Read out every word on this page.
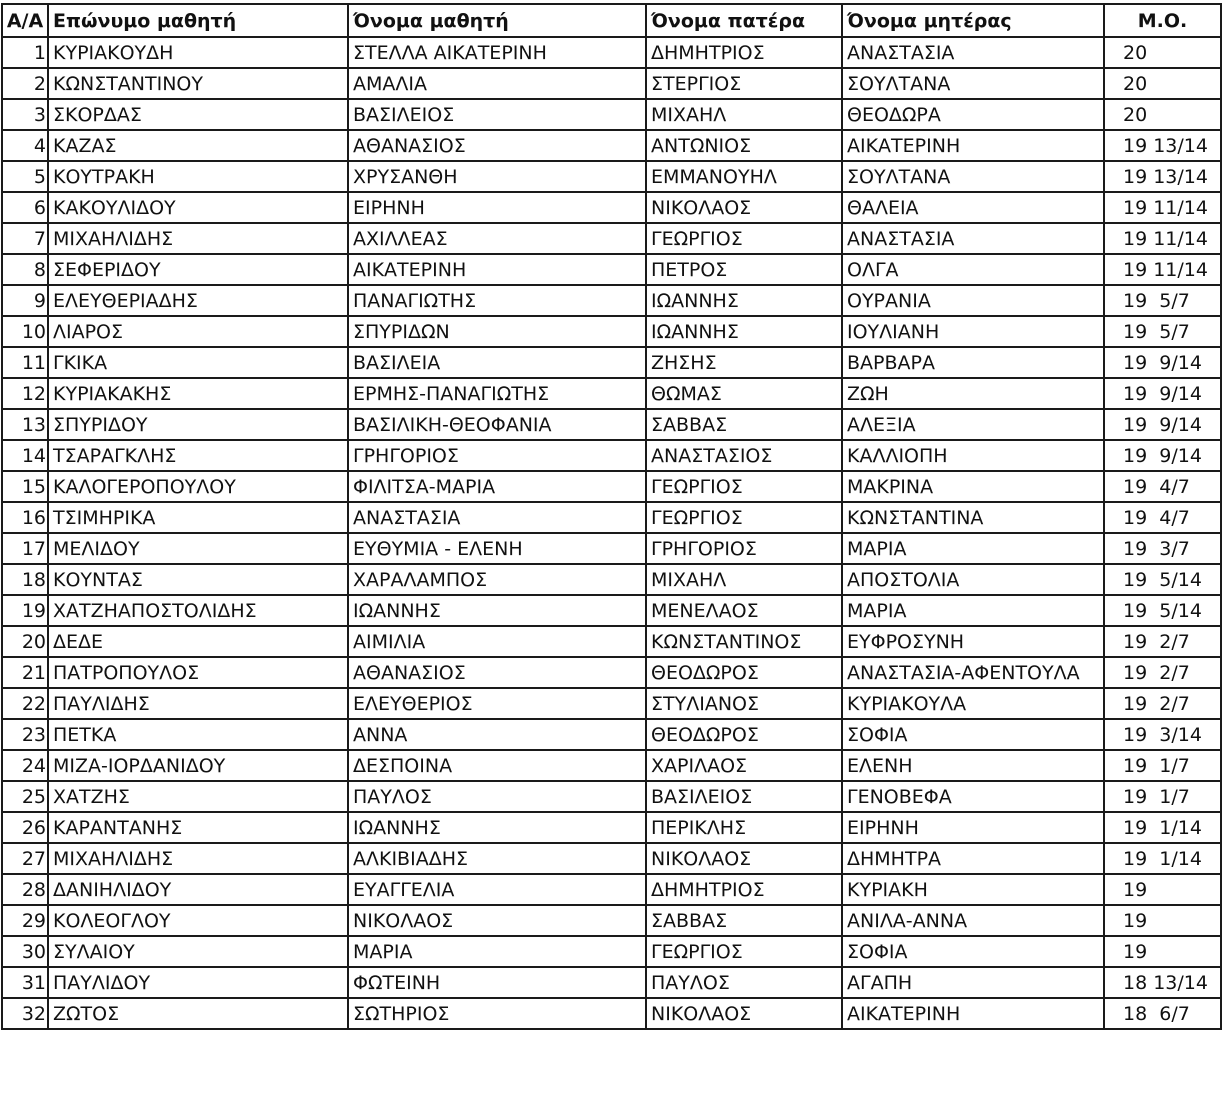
Α/Α	Επώνυμο μαθητή	Όνομα μαθητή	Όνομα πατέρα	Όνομα μητέρας	Μ.Ο.
1	ΚΥΡΙΑΚΟΥΔΗ	ΣΤΕΛΛΑ ΑΙΚΑΤΕΡΙΝΗ	ΔΗΜΗΤΡΙΟΣ	ΑΝΑΣΤΑΣΙΑ	20
2	ΚΩΝΣΤΑΝΤΙΝΟΥ	ΑΜΑΛΙΑ	ΣΤΕΡΓΙΟΣ	ΣΟΥΛΤΑΝΑ	20
3	ΣΚΟΡΔΑΣ	ΒΑΣΙΛΕΙΟΣ	ΜΙΧΑΗΛ	ΘΕΟΔΩΡΑ	20
4	ΚΑΖΑΣ	ΑΘΑΝΑΣΙΟΣ	ΑΝΤΩΝΙΟΣ	ΑΙΚΑΤΕΡΙΝΗ	19 13/14
5	ΚΟΥΤΡΑΚΗ	ΧΡΥΣΑΝΘΗ	ΕΜΜΑΝΟΥΗΛ	ΣΟΥΛΤΑΝΑ	19 13/14
6	ΚΑΚΟΥΛΙΔΟΥ	ΕΙΡΗΝΗ	ΝΙΚΟΛΑΟΣ	ΘΑΛΕΙΑ	19 11/14
7	ΜΙΧΑΗΛΙΔΗΣ	ΑΧΙΛΛΕΑΣ	ΓΕΩΡΓΙΟΣ	ΑΝΑΣΤΑΣΙΑ	19 11/14
8	ΣΕΦΕΡΙΔΟΥ	ΑΙΚΑΤΕΡΙΝΗ	ΠΕΤΡΟΣ	ΟΛΓΑ	19 11/14
9	ΕΛΕΥΘΕΡΙΑΔΗΣ	ΠΑΝΑΓΙΩΤΗΣ	ΙΩΑΝΝΗΣ	ΟΥΡΑΝΙΑ	19  5/7
10	ΛΙΑΡΟΣ	ΣΠΥΡΙΔΩΝ	ΙΩΑΝΝΗΣ	ΙΟΥΛΙΑΝΗ	19  5/7
11	ΓΚΙΚΑ	ΒΑΣΙΛΕΙΑ	ΖΗΣΗΣ	ΒΑΡΒΑΡΑ	19  9/14
12	ΚΥΡΙΑΚΑΚΗΣ	ΕΡΜΗΣ-ΠΑΝΑΓΙΩΤΗΣ	ΘΩΜΑΣ	ΖΩΗ	19  9/14
13	ΣΠΥΡΙΔΟΥ	ΒΑΣΙΛΙΚΗ-ΘΕΟΦΑΝΙΑ	ΣΑΒΒΑΣ	ΑΛΕΞΙΑ	19  9/14
14	ΤΣΑΡΑΓΚΛΗΣ	ΓΡΗΓΟΡΙΟΣ	ΑΝΑΣΤΑΣΙΟΣ	ΚΑΛΛΙΟΠΗ	19  9/14
15	ΚΑΛΟΓΕΡΟΠΟΥΛΟΥ	ΦΙΛΙΤΣΑ-ΜΑΡΙΑ	ΓΕΩΡΓΙΟΣ	ΜΑΚΡΙΝΑ	19  4/7
16	ΤΣΙΜΗΡΙΚΑ	ΑΝΑΣΤΑΣΙΑ	ΓΕΩΡΓΙΟΣ	ΚΩΝΣΤΑΝΤΙΝΑ	19  4/7
17	ΜΕΛΙΔΟΥ	ΕΥΘΥΜΙΑ - ΕΛΕΝΗ	ΓΡΗΓΟΡΙΟΣ	ΜΑΡΙΑ	19  3/7
18	ΚΟΥΝΤΑΣ	ΧΑΡΑΛΑΜΠΟΣ	ΜΙΧΑΗΛ	ΑΠΟΣΤΟΛΙΑ	19  5/14
19	ΧΑΤΖΗΑΠΟΣΤΟΛΙΔΗΣ	ΙΩΑΝΝΗΣ	ΜΕΝΕΛΑΟΣ	ΜΑΡΙΑ	19  5/14
20	ΔΕΔΕ	ΑΙΜΙΛΙΑ	ΚΩΝΣΤΑΝΤΙΝΟΣ	ΕΥΦΡΟΣΥΝΗ	19  2/7
21	ΠΑΤΡΟΠΟΥΛΟΣ	ΑΘΑΝΑΣΙΟΣ	ΘΕΟΔΩΡΟΣ	ΑΝΑΣΤΑΣΙΑ-ΑΦΕΝΤΟΥΛΑ	19  2/7
22	ΠΑΥΛΙΔΗΣ	ΕΛΕΥΘΕΡΙΟΣ	ΣΤΥΛΙΑΝΟΣ	ΚΥΡΙΑΚΟΥΛΑ	19  2/7
23	ΠΕΤΚΑ	ΑΝΝΑ	ΘΕΟΔΩΡΟΣ	ΣΟΦΙΑ	19  3/14
24	ΜΙΖΑ-ΙΟΡΔΑΝΙΔΟΥ	ΔΕΣΠΟΙΝΑ	ΧΑΡΙΛΑΟΣ	ΕΛΕΝΗ	19  1/7
25	ΧΑΤΖΗΣ	ΠΑΥΛΟΣ	ΒΑΣΙΛΕΙΟΣ	ΓΕΝΟΒΕΦΑ	19  1/7
26	ΚΑΡΑΝΤΑΝΗΣ	ΙΩΑΝΝΗΣ	ΠΕΡΙΚΛΗΣ	ΕΙΡΗΝΗ	19  1/14
27	ΜΙΧΑΗΛΙΔΗΣ	ΑΛΚΙΒΙΑΔΗΣ	ΝΙΚΟΛΑΟΣ	ΔΗΜΗΤΡΑ	19  1/14
28	ΔΑΝΙΗΛΙΔΟΥ	ΕΥΑΓΓΕΛΙΑ	ΔΗΜΗΤΡΙΟΣ	ΚΥΡΙΑΚΗ	19
29	ΚΟΛΕΟΓΛΟΥ	ΝΙΚΟΛΑΟΣ	ΣΑΒΒΑΣ	ΑΝΙΛΑ-ΑΝΝΑ	19
30	ΣΥΛΑΙΟΥ	ΜΑΡΙΑ	ΓΕΩΡΓΙΟΣ	ΣΟΦΙΑ	19
31	ΠΑΥΛΙΔΟΥ	ΦΩΤΕΙΝΗ	ΠΑΥΛΟΣ	ΑΓΑΠΗ	18 13/14
32	ΖΩΤΟΣ	ΣΩΤΗΡΙΟΣ	ΝΙΚΟΛΑΟΣ	ΑΙΚΑΤΕΡΙΝΗ	18  6/7
